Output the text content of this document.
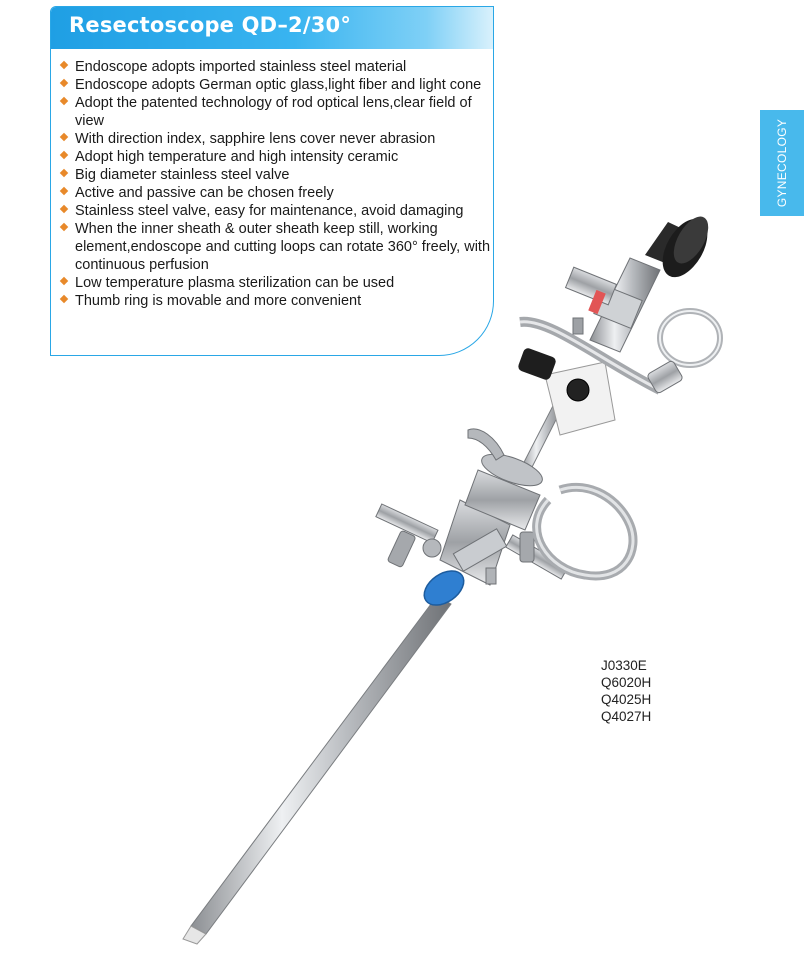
Resectoscope QD–2/30°
Endoscope adopts imported stainless steel material
Endoscope adopts German optic glass,light fiber and light cone
Adopt the patented technology of rod optical lens,clear field of view
With direction index, sapphire lens cover never abrasion
Adopt high temperature and high intensity ceramic
Big diameter stainless steel valve
Active and passive can be chosen freely
Stainless steel valve, easy for maintenance, avoid damaging
When the inner sheath & outer sheath keep still, working element,endoscope and cutting loops can rotate 360° freely, with continuous perfusion
Low temperature plasma sterilization can be used
Thumb ring is movable and more convenient
GYNECOLOGY
J0330E
Q6020H
Q4025H
Q4027H
